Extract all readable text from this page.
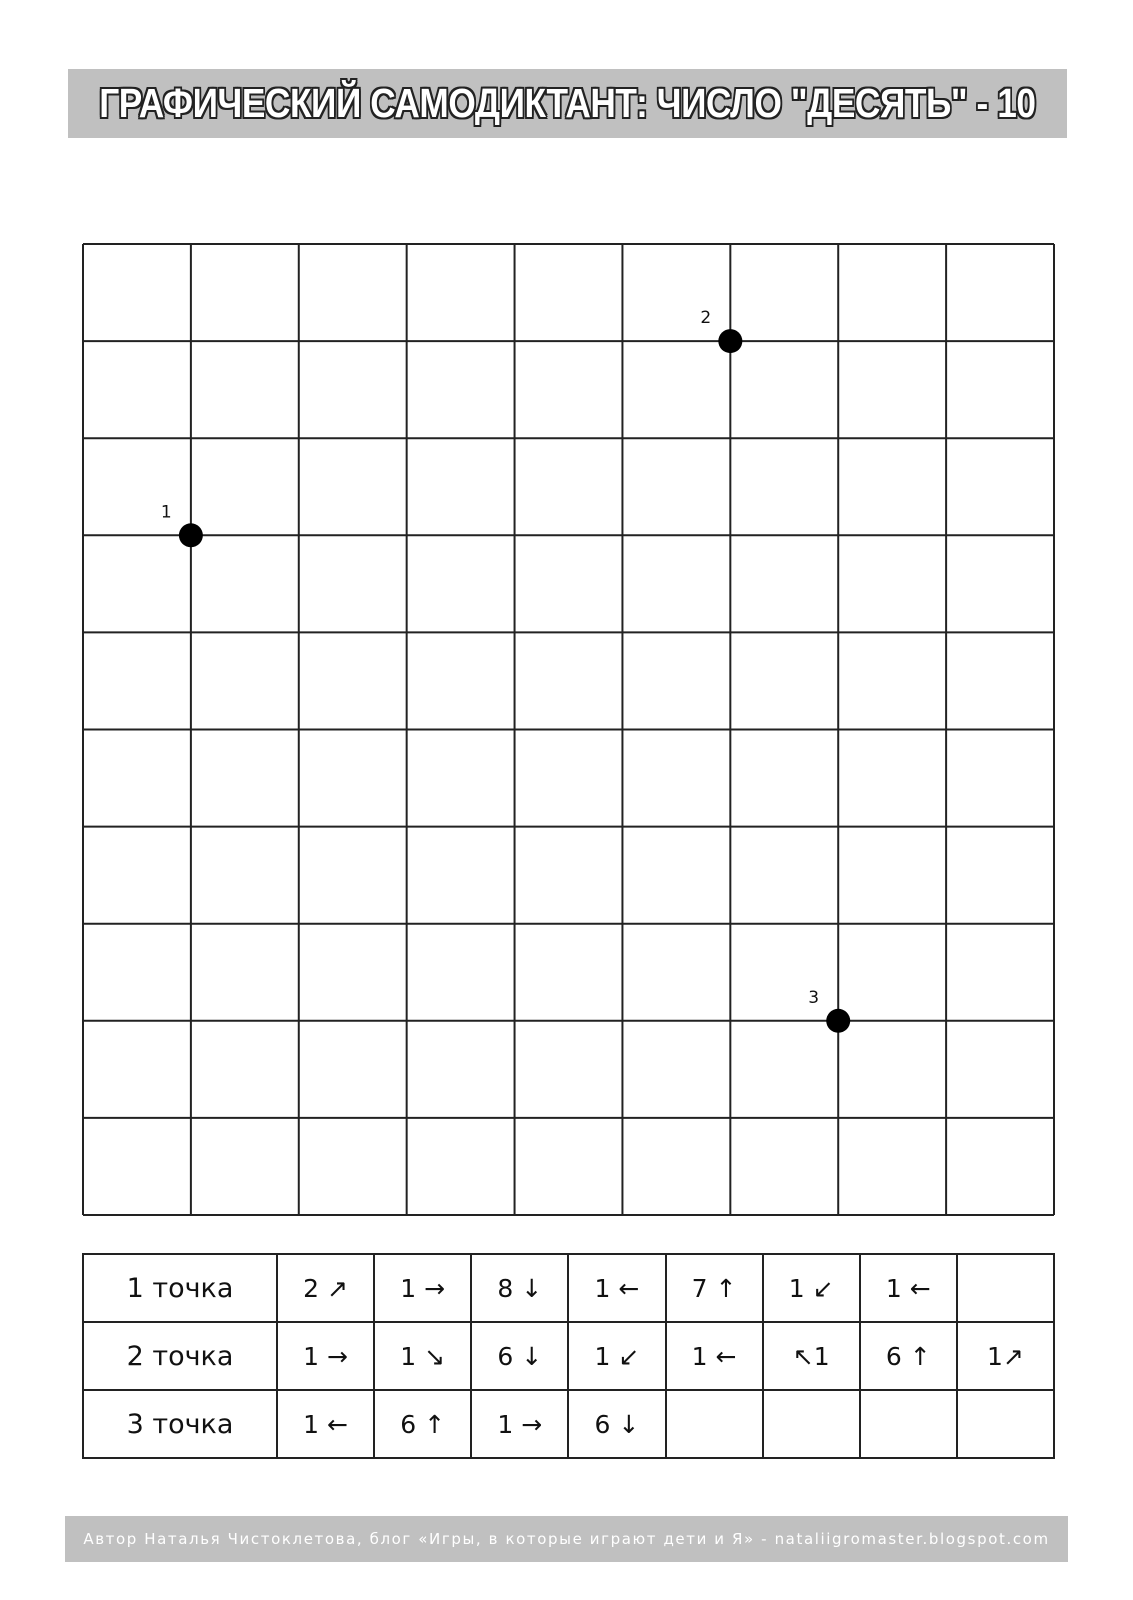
ГРАФИЧЕСКИЙ САМОДИКТАНТ: ЧИСЛО "ДЕСЯТЬ" - 10
1
2
3
1 точка	2 ↗	1 →	8 ↓	1 ←	7 ↑	1 ↙	1 ←	
2 точка	1 →	1 ↘	6 ↓	1 ↙	1 ←	↖1	6 ↑	1↗
3 точка	1 ←	6 ↑	1 →	6 ↓				
Автор Наталья Чистоклетова, блог «Игры, в которые играют дети и Я» - nataliigromaster.blogspot.com
